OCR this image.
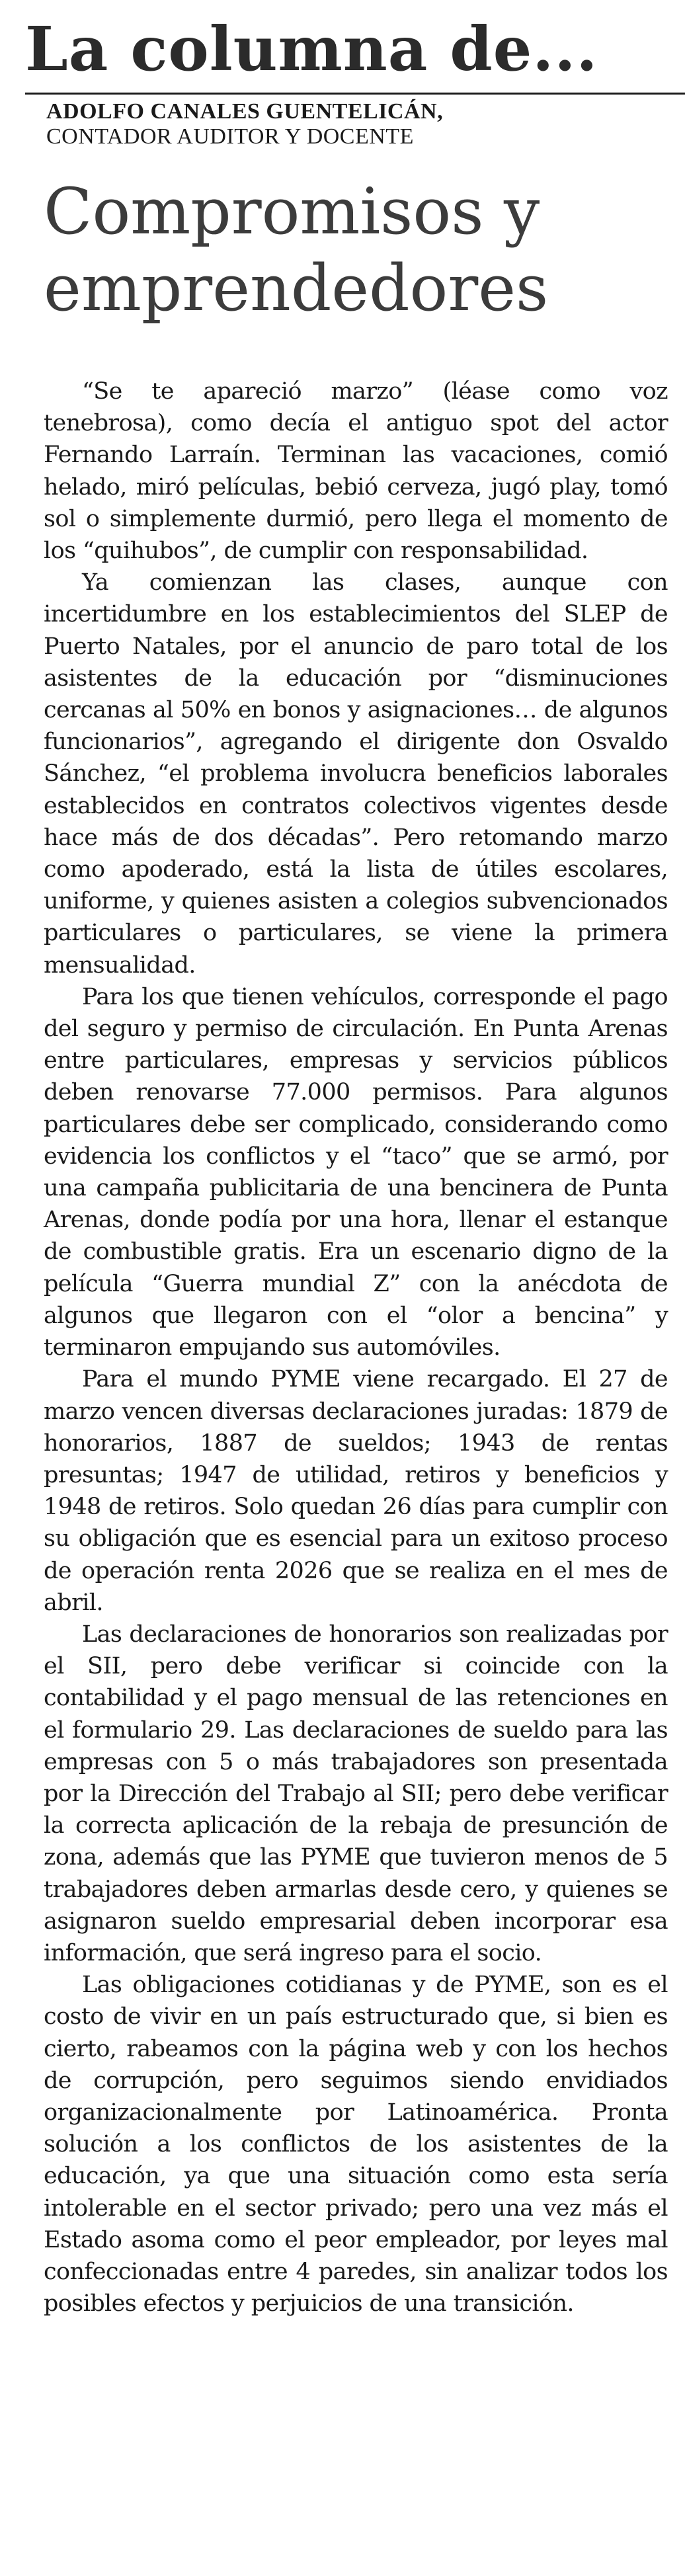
La columna de...
ADOLFO CANALES GUENTELICÁN,
CONTADOR AUDITOR Y DOCENTE
Compromisos y
emprendedores

“Se te apareció marzo” (léase como voz tenebrosa), como decía el antiguo spot del actor Fernando Larraín. Terminan las vacaciones, comió helado, miró películas, bebió cerveza, jugó play, tomó sol o simplemente durmió, pero llega el momento de los “quihubos”, de cumplir con responsabilidad.

Ya comienzan las clases, aunque con incertidumbre en los establecimientos del SLEP de Puerto Natales, por el anuncio de paro total de los asistentes de la educación por “disminuciones cercanas al 50% en bonos y asignaciones… de algunos funcionarios”, agregando el dirigente don Osvaldo Sánchez, “el problema involucra beneficios laborales establecidos en contratos colectivos vigentes desde hace más de dos décadas”. Pero retomando marzo como apoderado, está la lista de útiles escolares, uniforme, y quienes asisten a colegios subvencionados particulares o particulares, se viene la primera mensualidad.

Para los que tienen vehículos, corresponde el pago del seguro y permiso de circulación. En Punta Arenas entre particulares, empresas y servicios públicos deben renovarse 77.000 permisos. Para algunos particulares debe ser complicado, considerando como evidencia los conflictos y el “taco” que se armó, por una campaña publicitaria de una bencinera de Punta Arenas, donde podía por una hora, llenar el estanque de combustible gratis. Era un escenario digno de la película “Guerra mundial Z” con la anécdota de algunos que llegaron con el “olor a bencina” y terminaron empujando sus automóviles.

Para el mundo PYME viene recargado. El 27 de marzo vencen diversas declaraciones juradas: 1879 de honorarios, 1887 de sueldos; 1943 de rentas presuntas; 1947 de utilidad, retiros y beneficios y 1948 de retiros. Solo quedan 26 días para cumplir con su obligación que es esencial para un exitoso proceso de operación renta 2026 que se realiza en el mes de abril.

Las declaraciones de honorarios son realizadas por el SII, pero debe verificar si coincide con la contabilidad y el pago mensual de las retenciones en el formulario 29. Las declaraciones de sueldo para las empresas con 5 o más trabajadores son presentada por la Dirección del Trabajo al SII; pero debe verificar la correcta aplicación de la rebaja de presunción de zona, además que las PYME que tuvieron menos de 5 trabajadores deben armarlas desde cero, y quienes se asignaron sueldo empresarial deben incorporar esa información, que será ingreso para el socio.

Las obligaciones cotidianas y de PYME, son es el costo de vivir en un país estructurado que, si bien es cierto, rabeamos con la página web y con los hechos de corrupción, pero seguimos siendo envidiados organizacionalmente por Latinoamérica. Pronta solución a los conflictos de los asistentes de la educación, ya que una situación como esta sería intolerable en el sector privado; pero una vez más el Estado asoma como el peor empleador, por leyes mal confeccionadas entre 4 paredes, sin analizar todos los posibles efectos y perjuicios de una transición.
